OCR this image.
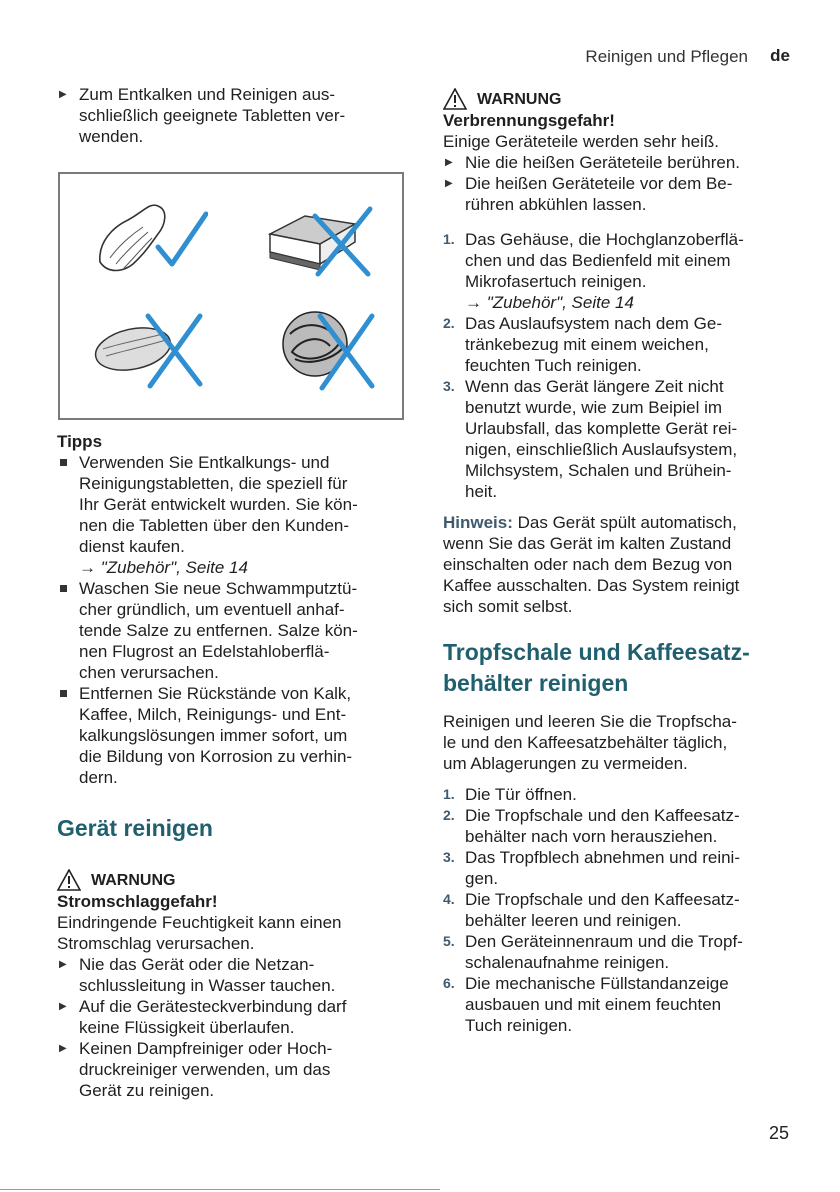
Reinigen und Pflegen de
▶ Zum Entkalken und Reinigen aus-
schließlich geeignete Tabletten ver-
wenden.
Tipps
Verwenden Sie Entkalkungs- und
Reinigungstabletten, die speziell für
Ihr Gerät entwickelt wurden. Sie kön-
nen die Tabletten über den Kunden-
dienst kaufen.
→ "Zubehör", Seite 14
Waschen Sie neue Schwammputztü-
cher gründlich, um eventuell anhaf-
tende Salze zu entfernen. Salze kön-
nen Flugrost an Edelstahloberflä-
chen verursachen.
Entfernen Sie Rückstände von Kalk,
Kaffee, Milch, Reinigungs- und Ent-
kalkungslösungen immer sofort, um
die Bildung von Korrosion zu verhin-
dern.
Gerät reinigen
WARNUNG
Stromschlaggefahr!
Eindringende Feuchtigkeit kann einen
Stromschlag verursachen.
▶ Nie das Gerät oder die Netzan-
schlussleitung in Wasser tauchen.
▶ Auf die Gerätesteckverbindung darf
keine Flüssigkeit überlaufen.
▶ Keinen Dampfreiniger oder Hoch-
druckreiniger verwenden, um das
Gerät zu reinigen.
WARNUNG
Verbrennungsgefahr!
Einige Geräteteile werden sehr heiß.
▶ Nie die heißen Geräteteile berühren.
▶ Die heißen Geräteteile vor dem Be-
rühren abkühlen lassen.
1. Das Gehäuse, die Hochglanzoberflä-
chen und das Bedienfeld mit einem
Mikrofasertuch reinigen.
→ "Zubehör", Seite 14
2. Das Auslaufsystem nach dem Ge-
tränkebezug mit einem weichen,
feuchten Tuch reinigen.
3. Wenn das Gerät längere Zeit nicht
benutzt wurde, wie zum Beipiel im
Urlaubsfall, das komplette Gerät rei-
nigen, einschließlich Auslaufsystem,
Milchsystem, Schalen und Brühein-
heit.
Hinweis: Das Gerät spült automatisch,
wenn Sie das Gerät im kalten Zustand
einschalten oder nach dem Bezug von
Kaffee ausschalten. Das System reinigt
sich somit selbst.
Tropfschale und Kaffeesatz-
behälter reinigen
Reinigen und leeren Sie die Tropfscha-
le und den Kaffeesatzbehälter täglich,
um Ablagerungen zu vermeiden.
1. Die Tür öffnen.
2. Die Tropfschale und den Kaffeesatz-
behälter nach vorn herausziehen.
3. Das Tropfblech abnehmen und reini-
gen.
4. Die Tropfschale und den Kaffeesatz-
behälter leeren und reinigen.
5. Den Geräteinnenraum und die Tropf-
schalenaufnahme reinigen.
6. Die mechanische Füllstandanzeige
ausbauen und mit einem feuchten
Tuch reinigen.
25
